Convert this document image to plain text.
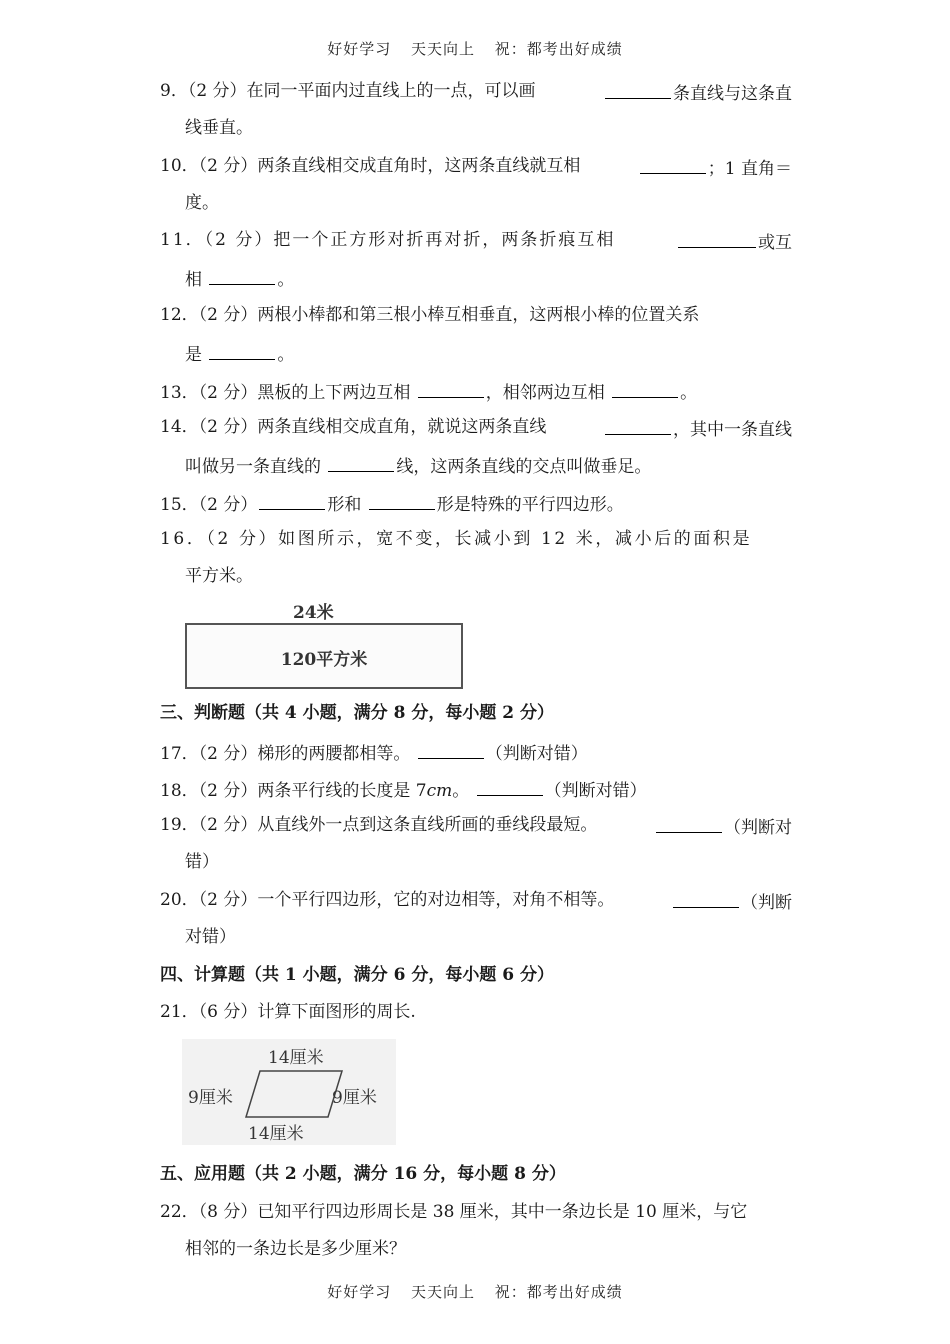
好好学习 天天向上 祝：都考出好成绩
9．（2 分）在同一平面内过直线上的一点，可以画	条直线与这条直
线垂直。
10．（2 分）两条直线相交成直角时，这两条直线就互相	；1 直角＝
度。
11．（2 分）把一个正方形对折再对折，两条折痕互相	或互
相	。
12．（2 分）两根小棒都和第三根小棒互相垂直，这两根小棒的位置关系
是	。
13．（2 分）黑板的上下两边互相	，相邻两边互相	。
14．（2 分）两条直线相交成直角，就说这两条直线	，其中一条直线
叫做另一条直线的	线，这两条直线的交点叫做垂足。
15．（2 分）	形和	形是特殊的平行四边形。
16．（2 分）如图所示，宽不变，长减小到 12 米，减小后的面积是
平方米。
24米
120平方米
三、判断题（共 4 小题，满分 8 分，每小题 2 分）
17．（2 分）梯形的两腰都相等。	（判断对错）
18．（2 分）两条平行线的长度是 7cm。	（判断对错）
19．（2 分）从直线外一点到这条直线所画的垂线段最短。	（判断对
错）
20．（2 分）一个平行四边形，它的对边相等，对角不相等。	（判断
对错）
四、计算题（共 1 小题，满分 6 分，每小题 6 分）
21．（6 分）计算下面图形的周长.
14厘米
14厘米
9厘米	9厘米
五、应用题（共 2 小题，满分 16 分，每小题 8 分）
22．（8 分）已知平行四边形周长是 38 厘米，其中一条边长是 10 厘米，与它
相邻的一条边长是多少厘米？
好好学习 天天向上 祝：都考出好成绩
